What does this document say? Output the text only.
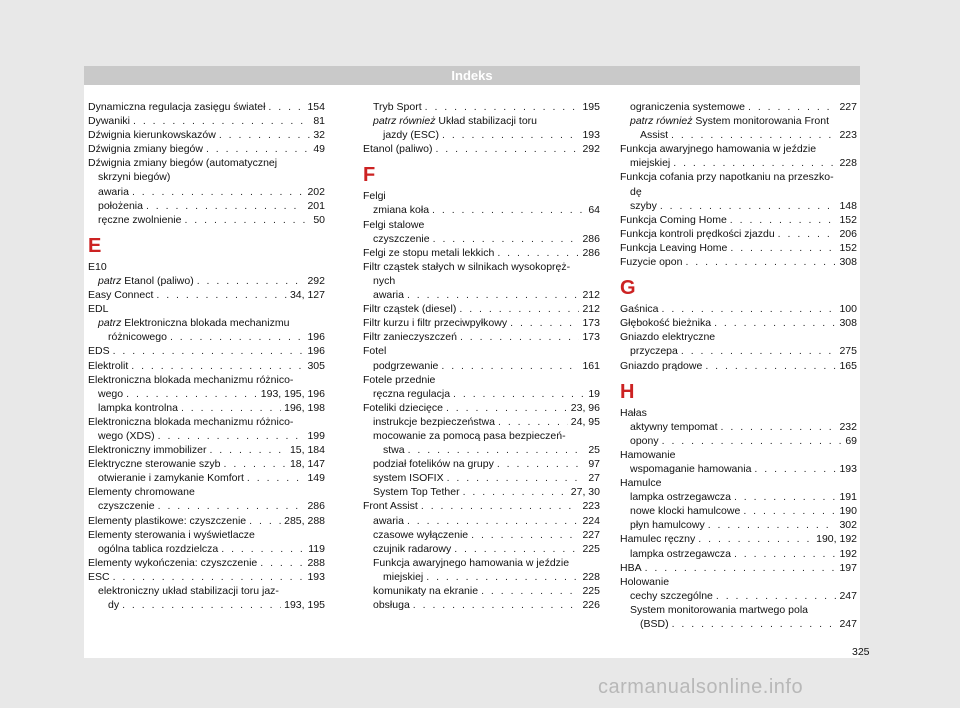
Indeks
Dynamiczna regulacja zasięgu świateł . . .	154
Dywaniki . . .	81
Dźwignia kierunkowskazów . . .	32
Dźwignia zmiany biegów . . .	49
Dźwignia zmiany biegów (automatycznej
skrzyni biegów)
awaria . . .	202
położenia . . .	201
ręczne zwolnienie . . .	50
E
E10
patrz Etanol (paliwo) . . .	292
Easy Connect . . .	34, 127
EDL
patrz Elektroniczna blokada mechanizmu
różnicowego . . .	196
EDS . . .	196
Elektrolit . . .	305
Elektroniczna blokada mechanizmu różnico-
wego . . .	193, 195, 196
lampka kontrolna . . .	196, 198
Elektroniczna blokada mechanizmu różnico-
wego (XDS) . . .	199
Elektroniczny immobilizer . . .	15, 184
Elektryczne sterowanie szyb . . .	18, 147
otwieranie i zamykanie Komfort . . .	149
Elementy chromowane
czyszczenie . . .	286
Elementy plastikowe: czyszczenie . . .	285, 288
Elementy sterowania i wyświetlacze
ogólna tablica rozdzielcza . . .	119
Elementy wykończenia: czyszczenie . . .	288
ESC . . .	193
elektroniczny układ stabilizacji toru jaz-
dy . . .	193, 195
Tryb Sport . . .	195
patrz również Układ stabilizacji toru
jazdy (ESC) . . .	193
Etanol (paliwo) . . .	292
F
Felgi
zmiana koła . . .	64
Felgi stalowe
czyszczenie . . .	286
Felgi ze stopu metali lekkich . . .	286
Filtr cząstek stałych w silnikach wysokopręż-
nych
awaria . . .	212
Filtr cząstek (diesel) . . .	212
Filtr kurzu i filtr przeciwpyłkowy . . .	173
Filtr zanieczyszczeń . . .	173
Fotel
podgrzewanie . . .	161
Fotele przednie
ręczna regulacja . . .	19
Foteliki dziecięce . . .	23, 96
instrukcje bezpieczeństwa . . .	24, 95
mocowanie za pomocą pasa bezpieczeń-
stwa . . .	25
podział fotelików na grupy . . .	97
system ISOFIX . . .	27
System Top Tether . . .	27, 30
Front Assist . . .	223
awaria . . .	224
czasowe wyłączenie . . .	227
czujnik radarowy . . .	225
Funkcja awaryjnego hamowania w jeździe
miejskiej . . .	228
komunikaty na ekranie . . .	225
obsługa . . .	226
ograniczenia systemowe . . .	227
patrz również System monitorowania Front
Assist . . .	223
Funkcja awaryjnego hamowania w jeździe
miejskiej . . .	228
Funkcja cofania przy napotkaniu na przeszko-
dę
szyby . . .	148
Funkcja Coming Home . . .	152
Funkcja kontroli prędkości zjazdu . . .	206
Funkcja Leaving Home . . .	152
Fuzycie opon . . .	308
G
Gaśnica . . .	100
Głębokość bieżnika . . .	308
Gniazdo elektryczne
przyczepa . . .	275
Gniazdo prądowe . . .	165
H
Hałas
aktywny tempomat . . .	232
opony . . .	69
Hamowanie
wspomaganie hamowania . . .	193
Hamulce
lampka ostrzegawcza . . .	191
nowe klocki hamulcowe . . .	190
płyn hamulcowy . . .	302
Hamulec ręczny . . .	190, 192
lampka ostrzegawcza . . .	192
HBA . . .	197
Holowanie
cechy szczególne . . .	247
System monitorowania martwego pola
(BSD) . . .	247
325
carmanualsonline.info
